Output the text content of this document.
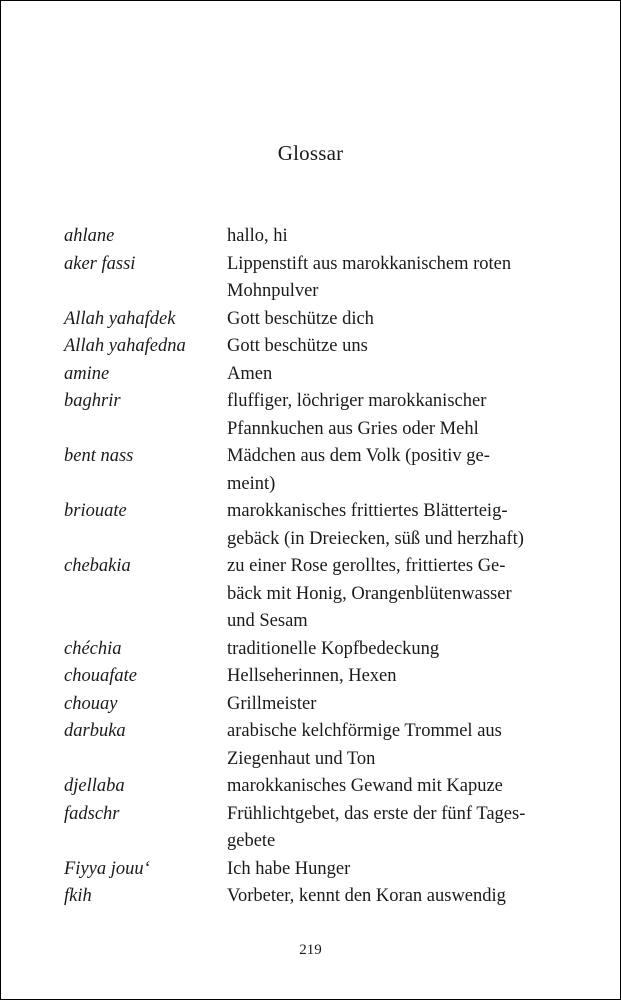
Glossar
ahlane	hallo, hi
aker fassi	Lippenstift aus marokkanischem roten
Mohnpulver
Allah yahafdek	Gott beschütze dich
Allah yahafedna	Gott beschütze uns
amine	Amen
baghrir	fluffiger, löchriger marokkanischer
Pfannkuchen aus Gries oder Mehl
bent nass	Mädchen aus dem Volk (positiv ge-
meint)
briouate	marokkanisches frittiertes Blätterteig-
gebäck (in Dreiecken, süß und herzhaft)
chebakia	zu einer Rose gerolltes, frittiertes Ge-
bäck mit Honig, Orangenblütenwasser
und Sesam
chéchia	traditionelle Kopfbedeckung
chouafate	Hellseherinnen, Hexen
chouay	Grillmeister
darbuka	arabische kelchförmige Trommel aus
Ziegenhaut und Ton
djellaba	marokkanisches Gewand mit Kapuze
fadschr	Frühlichtgebet, das erste der fünf Tages-
gebete
Fiyya jouu‘	Ich habe Hunger
fkih	Vorbeter, kennt den Koran auswendig
219
